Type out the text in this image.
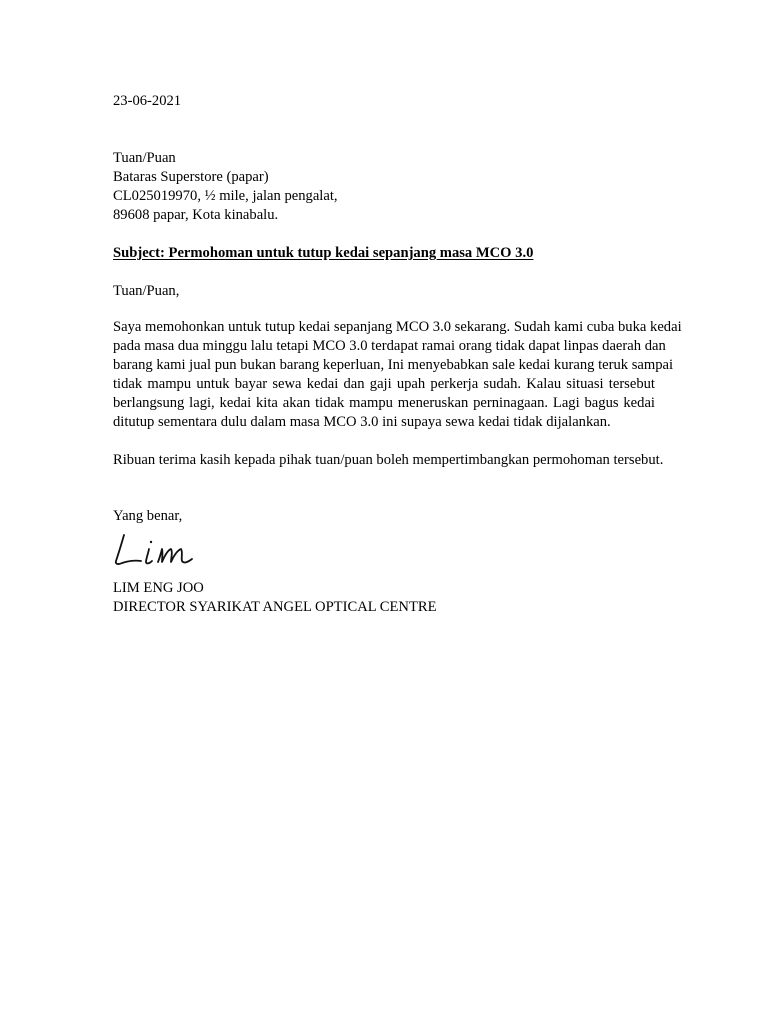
23-06-2021

Tuan/Puan
Bataras Superstore (papar)
CL025019970, ½ mile, jalan pengalat,
89608 papar, Kota kinabalu.

Subject: Permohoman untuk tutup kedai sepanjang masa MCO 3.0

Tuan/Puan,

Saya memohonkan untuk tutup kedai sepanjang MCO 3.0 sekarang. Sudah kami cuba buka kedai
pada masa dua minggu lalu tetapi MCO 3.0 terdapat ramai orang tidak dapat linpas daerah dan
barang kami jual pun bukan barang keperluan, Ini menyebabkan sale kedai kurang teruk sampai
tidak mampu untuk bayar sewa kedai dan gaji upah perkerja sudah. Kalau situasi tersebut
berlangsung lagi, kedai kita akan tidak mampu meneruskan perninagaan. Lagi bagus kedai
ditutup sementara dulu dalam masa MCO 3.0 ini supaya sewa kedai tidak dijalankan.

Ribuan terima kasih kepada pihak tuan/puan boleh mempertimbangkan permohoman tersebut.

Yang benar,

LIM ENG JOO

DIRECTOR SYARIKAT ANGEL OPTICAL CENTRE
